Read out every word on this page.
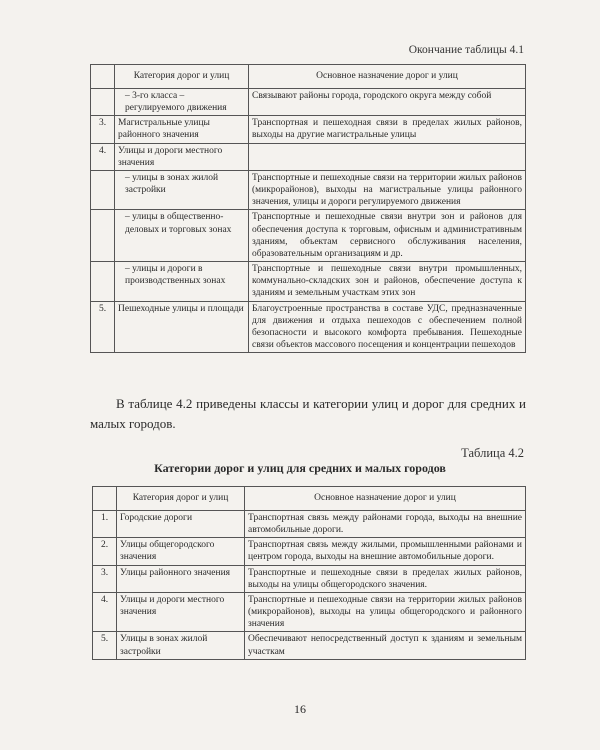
Окончание таблицы 4.1
	Категория дорог и улиц	Основное назначение дорог и улиц
	– 3-го класса – регулируемого движения	Связывают районы города, городского округа между собой
3.	Магистральные улицы районного значения	Транспортная и пешеходная связи в пределах жилых районов, выходы на другие магистральные улицы
4.	Улицы и дороги местного значения	
	– улицы в зонах жилой застройки	Транспортные и пешеходные связи на территории жилых районов (микрорайонов), выходы на магистральные улицы районного значения, улицы и дороги регулируемого движения
	– улицы в общественно-деловых и торговых зонах	Транспортные и пешеходные связи внутри зон и районов для обеспечения доступа к торговым, офисным и административным зданиям, объектам сервисного обслуживания населения, образовательным организациям и др.
	– улицы и дороги в производственных зонах	Транспортные и пешеходные связи внутри промышленных, коммунально-складских зон и районов, обеспечение доступа к зданиям и земельным участкам этих зон
5.	Пешеходные улицы и площади	Благоустроенные пространства в составе УДС, предназначенные для движения и отдыха пешеходов с обеспечением полной безопасности и высокого комфорта пребывания. Пешеходные связи объектов массового посещения и концентрации пешеходов

В таблице 4.2 приведены классы и категории улиц и дорог для средних и малых городов.

Таблица 4.2
Категории дорог и улиц для средних и малых городов
	Категория дорог и улиц	Основное назначение дорог и улиц
1.	Городские дороги	Транспортная связь между районами города, выходы на внешние автомобильные дороги.
2.	Улицы общегородского значения	Транспортная связь между жилыми, промышленными районами и центром города, выходы на внешние автомобильные дороги.
3.	Улицы районного значения	Транспортные и пешеходные связи в пределах жилых районов, выходы на улицы общегородского значения.
4.	Улицы и дороги местного значения	Транспортные и пешеходные связи на территории жилых районов (микрорайонов), выходы на улицы общегородского и районного значения
5.	Улицы в зонах жилой застройки	Обеспечивают непосредственный доступ к зданиям и земельным участкам
16
